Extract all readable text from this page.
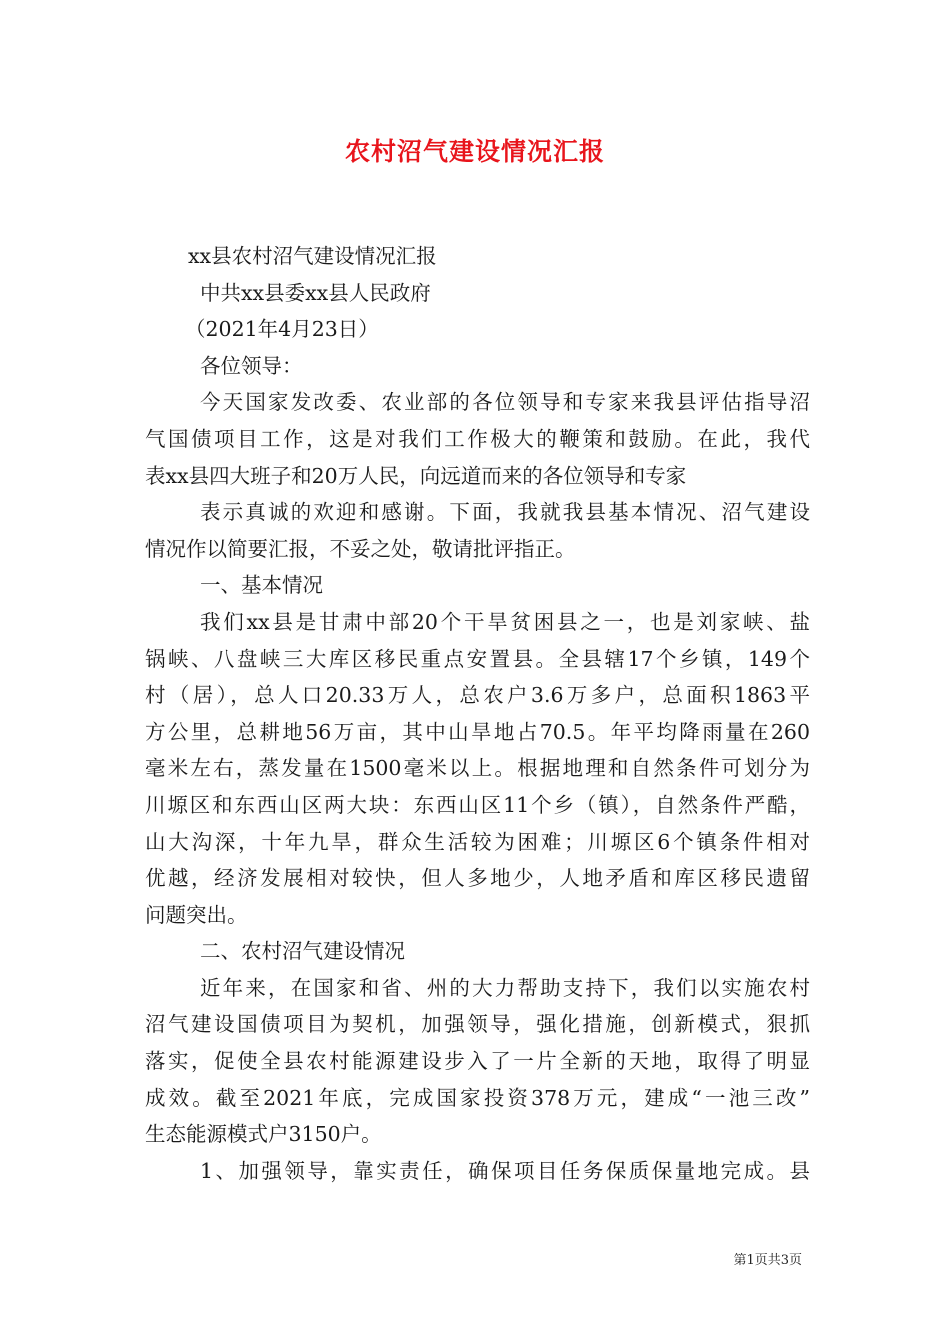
农村沼气建设情况汇报

xx县农村沼气建设情况汇报

中共xx县委xx县人民政府

（2021年4月23日）

各位领导：

今天国家发改委、农业部的各位领导和专家来我县评估指导沼

气国债项目工作，这是对我们工作极大的鞭策和鼓励。在此，我代

表xx县四大班子和20万人民，向远道而来的各位领导和专家

表示真诚的欢迎和感谢。下面，我就我县基本情况、沼气建设

情况作以简要汇报，不妥之处，敬请批评指正。

一、基本情况

我们xx县是甘肃中部20个干旱贫困县之一，也是刘家峡、盐

锅峡、八盘峡三大库区移民重点安置县。全县辖17个乡镇，149个

村（居），总人口20.33万人，总农户3.6万多户，总面积1863平

方公里，总耕地56万亩，其中山旱地占70.5。年平均降雨量在260

毫米左右，蒸发量在1500毫米以上。根据地理和自然条件可划分为

川塬区和东西山区两大块：东西山区11个乡（镇），自然条件严酷，

山大沟深，十年九旱，群众生活较为困难；川塬区6个镇条件相对

优越，经济发展相对较快，但人多地少，人地矛盾和库区移民遗留

问题突出。

二、农村沼气建设情况

近年来，在国家和省、州的大力帮助支持下，我们以实施农村

沼气建设国债项目为契机，加强领导，强化措施，创新模式，狠抓

落实，促使全县农村能源建设步入了一片全新的天地，取得了明显

成效。截至2021年底，完成国家投资378万元，建成“一池三改”

生态能源模式户3150户。

1、加强领导，靠实责任，确保项目任务保质保量地完成。县

第1页共3页
